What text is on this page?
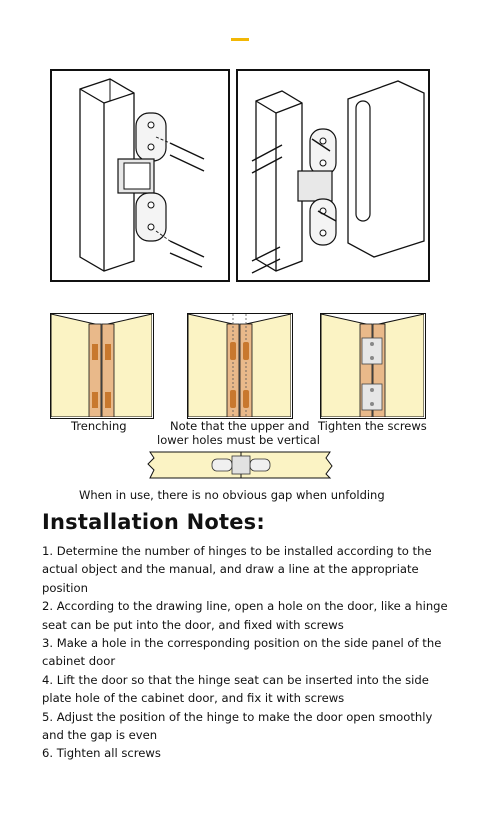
Trenching	Note that the upper and
lower holes must be vertical
Tighten the screws
When in use, there is no obvious gap when unfolding
Installation Notes:

1. Determine the number of hinges to be installed according to the actual object and the manual, and draw a line at the appropriate position

2. According to the drawing line, open a hole on the door, like a hinge seat can be put into the door, and fixed with screws

3. Make a hole in the corresponding position on the side panel of the cabinet door

4. Lift the door so that the hinge seat can be inserted into the side plate hole of the cabinet door, and fix it with screws

5. Adjust the position of the hinge to make the door open smoothly and the gap is even

6. Tighten all screws
